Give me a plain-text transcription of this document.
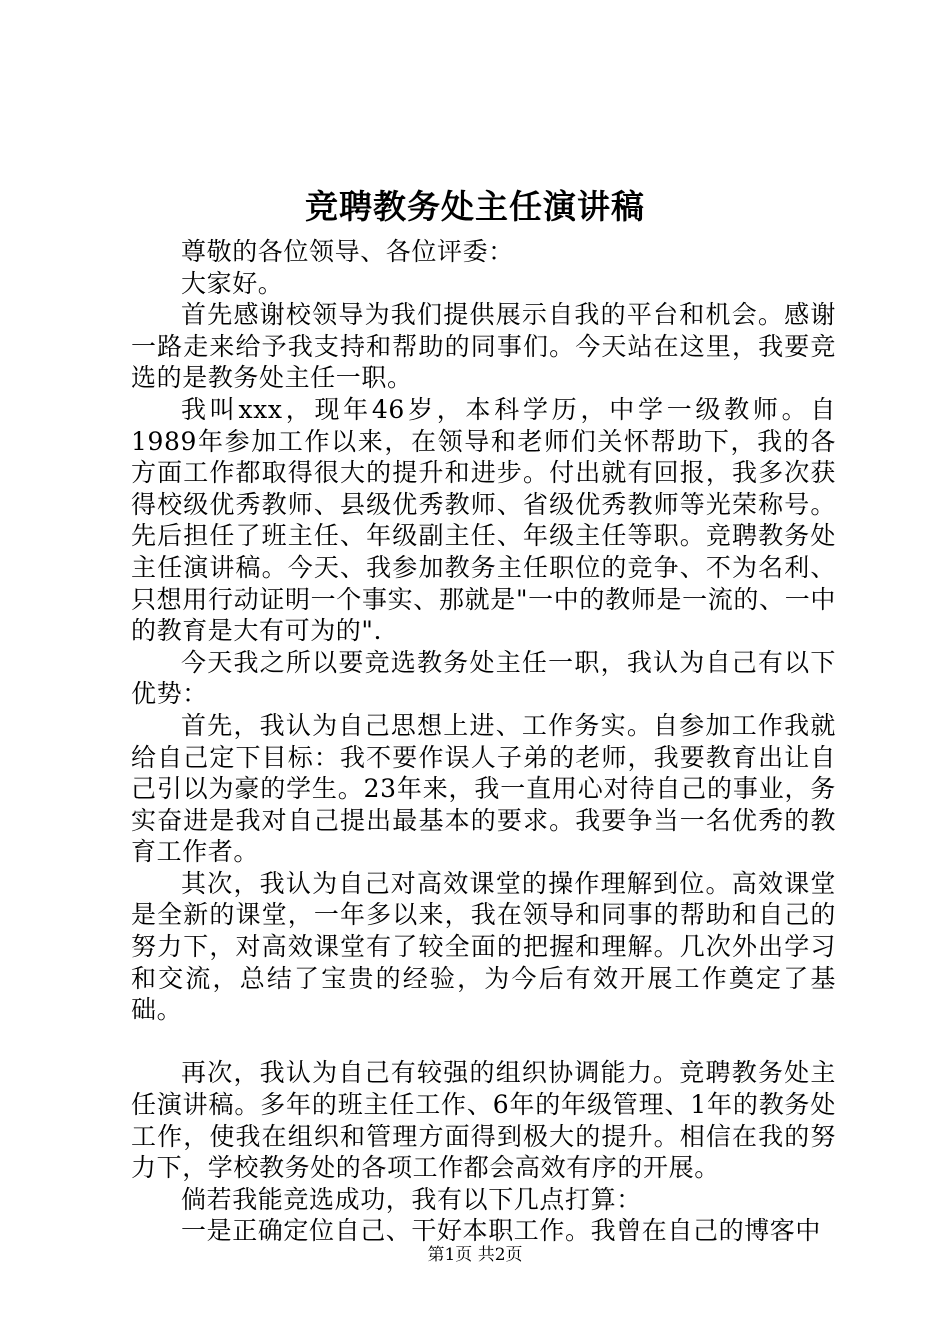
竞聘教务处主任演讲稿

尊敬的各位领导、各位评委：

大家好。

首先感谢校领导为我们提供展示自我的平台和机会。感谢一路走来给予我支持和帮助的同事们。今天站在这里，我要竞选的是教务处主任一职。

我叫xxx，现年46岁，本科学历，中学一级教师。自1989年参加工作以来，在领导和老师们关怀帮助下，我的各方面工作都取得很大的提升和进步。付出就有回报，我多次获得校级优秀教师、县级优秀教师、省级优秀教师等光荣称号。先后担任了班主任、年级副主任、年级主任等职。竞聘教务处主任演讲稿。今天、我参加教务主任职位的竞争、不为名利、只想用行动证明一个事实、那就是"一中的教师是一流的、一中的教育是大有可为的".

今天我之所以要竞选教务处主任一职，我认为自己有以下优势：

首先，我认为自己思想上进、工作务实。自参加工作我就给自己定下目标：我不要作误人子弟的老师，我要教育出让自己引以为豪的学生。23年来，我一直用心对待自己的事业，务实奋进是我对自己提出最基本的要求。我要争当一名优秀的教育工作者。

其次，我认为自己对高效课堂的操作理解到位。高效课堂是全新的课堂，一年多以来，我在领导和同事的帮助和自己的努力下，对高效课堂有了较全面的把握和理解。几次外出学习和交流，总结了宝贵的经验，为今后有效开展工作奠定了基础。

再次，我认为自己有较强的组织协调能力。竞聘教务处主任演讲稿。多年的班主任工作、6年的年级管理、1年的教务处工作，使我在组织和管理方面得到极大的提升。相信在我的努力下，学校教务处的各项工作都会高效有序的开展。

倘若我能竞选成功，我有以下几点打算：

一是正确定位自己、干好本职工作。我曾在自己的博客中

第1页 共2页
